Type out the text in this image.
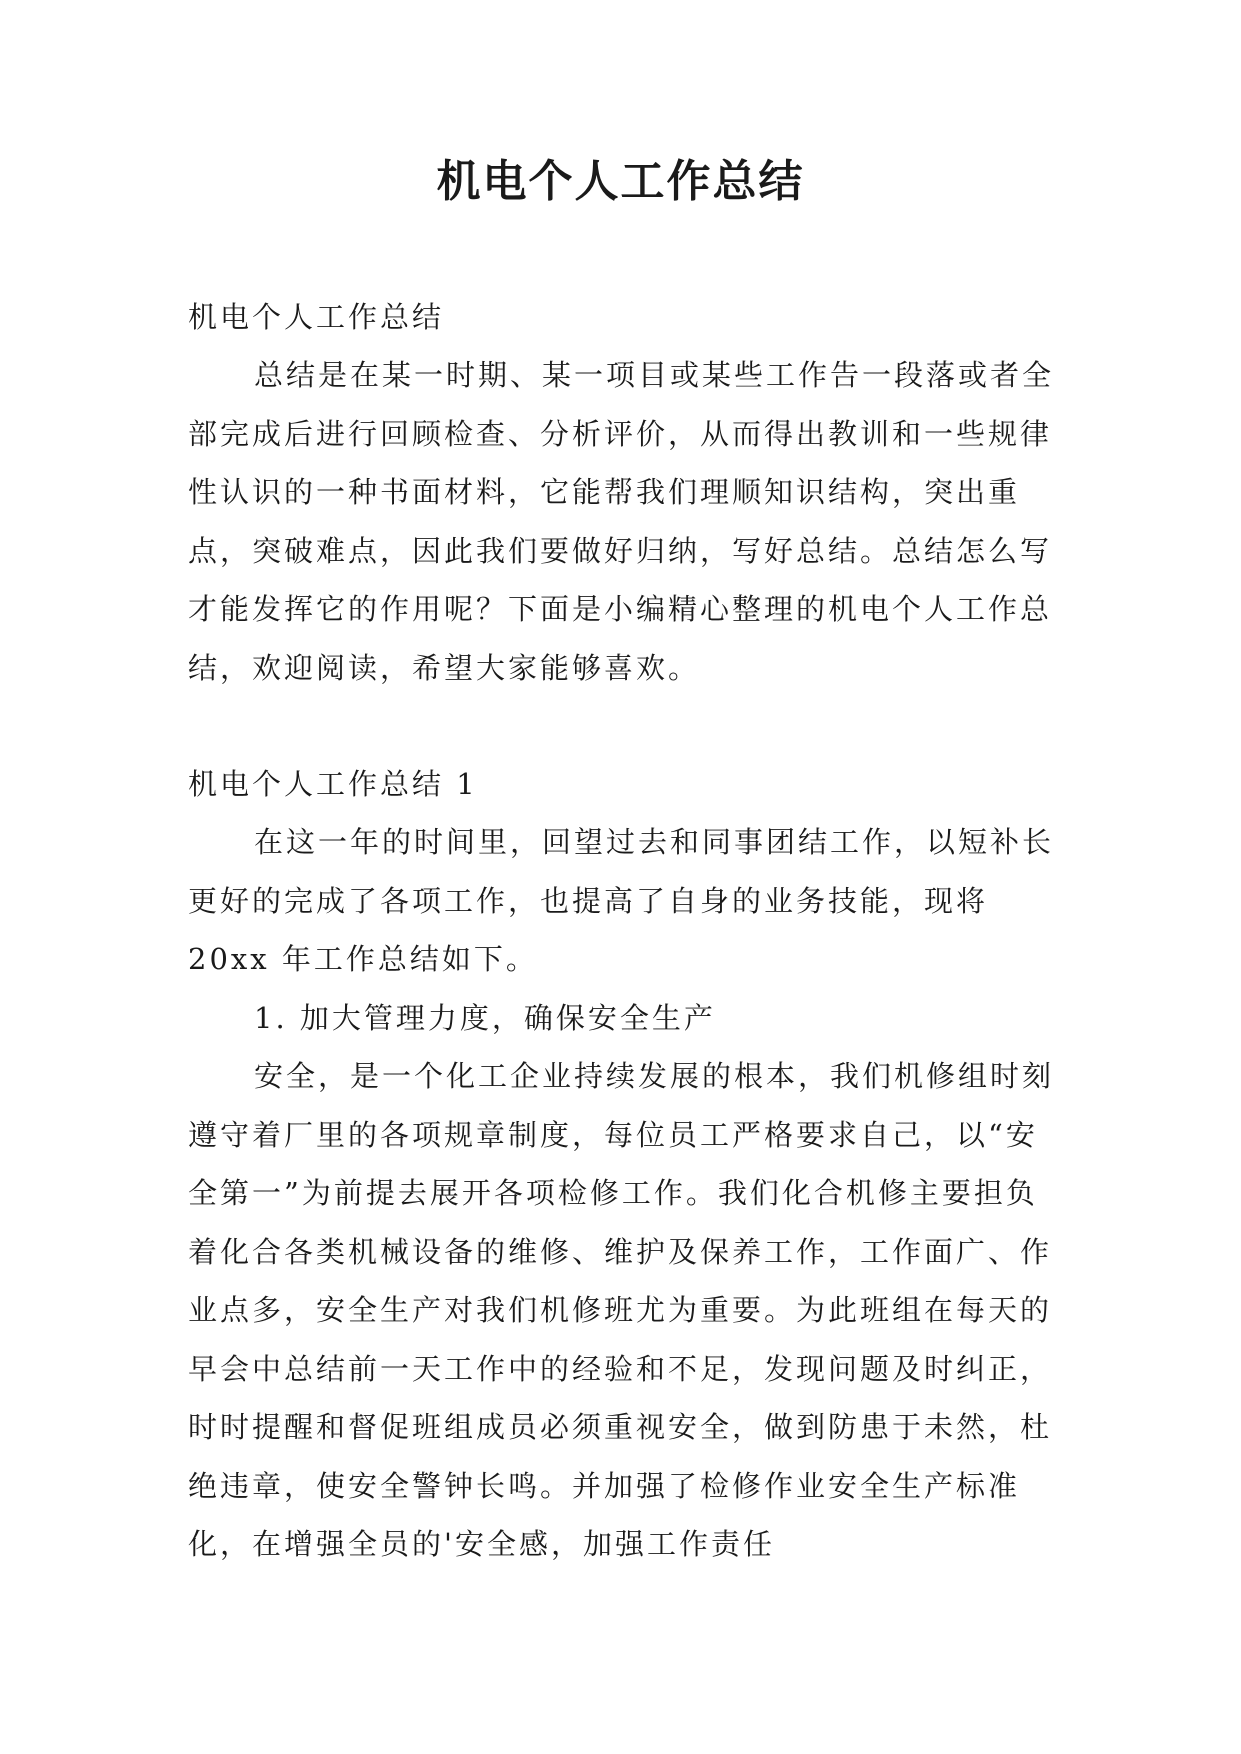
机电个人工作总结

机电个人工作总结

总结是在某一时期、某一项目或某些工作告一段落或者全部完成后进行回顾检查、分析评价，从而得出教训和一些规律性认识的一种书面材料，它能帮我们理顺知识结构，突出重点，突破难点，因此我们要做好归纳，写好总结。总结怎么写才能发挥它的作用呢？下面是小编精心整理的机电个人工作总结，欢迎阅读，希望大家能够喜欢。

机电个人工作总结 1

在这一年的时间里，回望过去和同事团结工作，以短补长更好的完成了各项工作，也提高了自身的业务技能，现将 20xx 年工作总结如下。

1. 加大管理力度，确保安全生产

安全，是一个化工企业持续发展的根本，我们机修组时刻遵守着厂里的各项规章制度，每位员工严格要求自己，以“安全第一”为前提去展开各项检修工作。我们化合机修主要担负着化合各类机械设备的维修、维护及保养工作，工作面广、作业点多，安全生产对我们机修班尤为重要。为此班组在每天的早会中总结前一天工作中的经验和不足，发现问题及时纠正，时时提醒和督促班组成员必须重视安全，做到防患于未然，杜绝违章，使安全警钟长鸣。并加强了检修作业安全生产标准化，在增强全员的'安全感，加强工作责任
